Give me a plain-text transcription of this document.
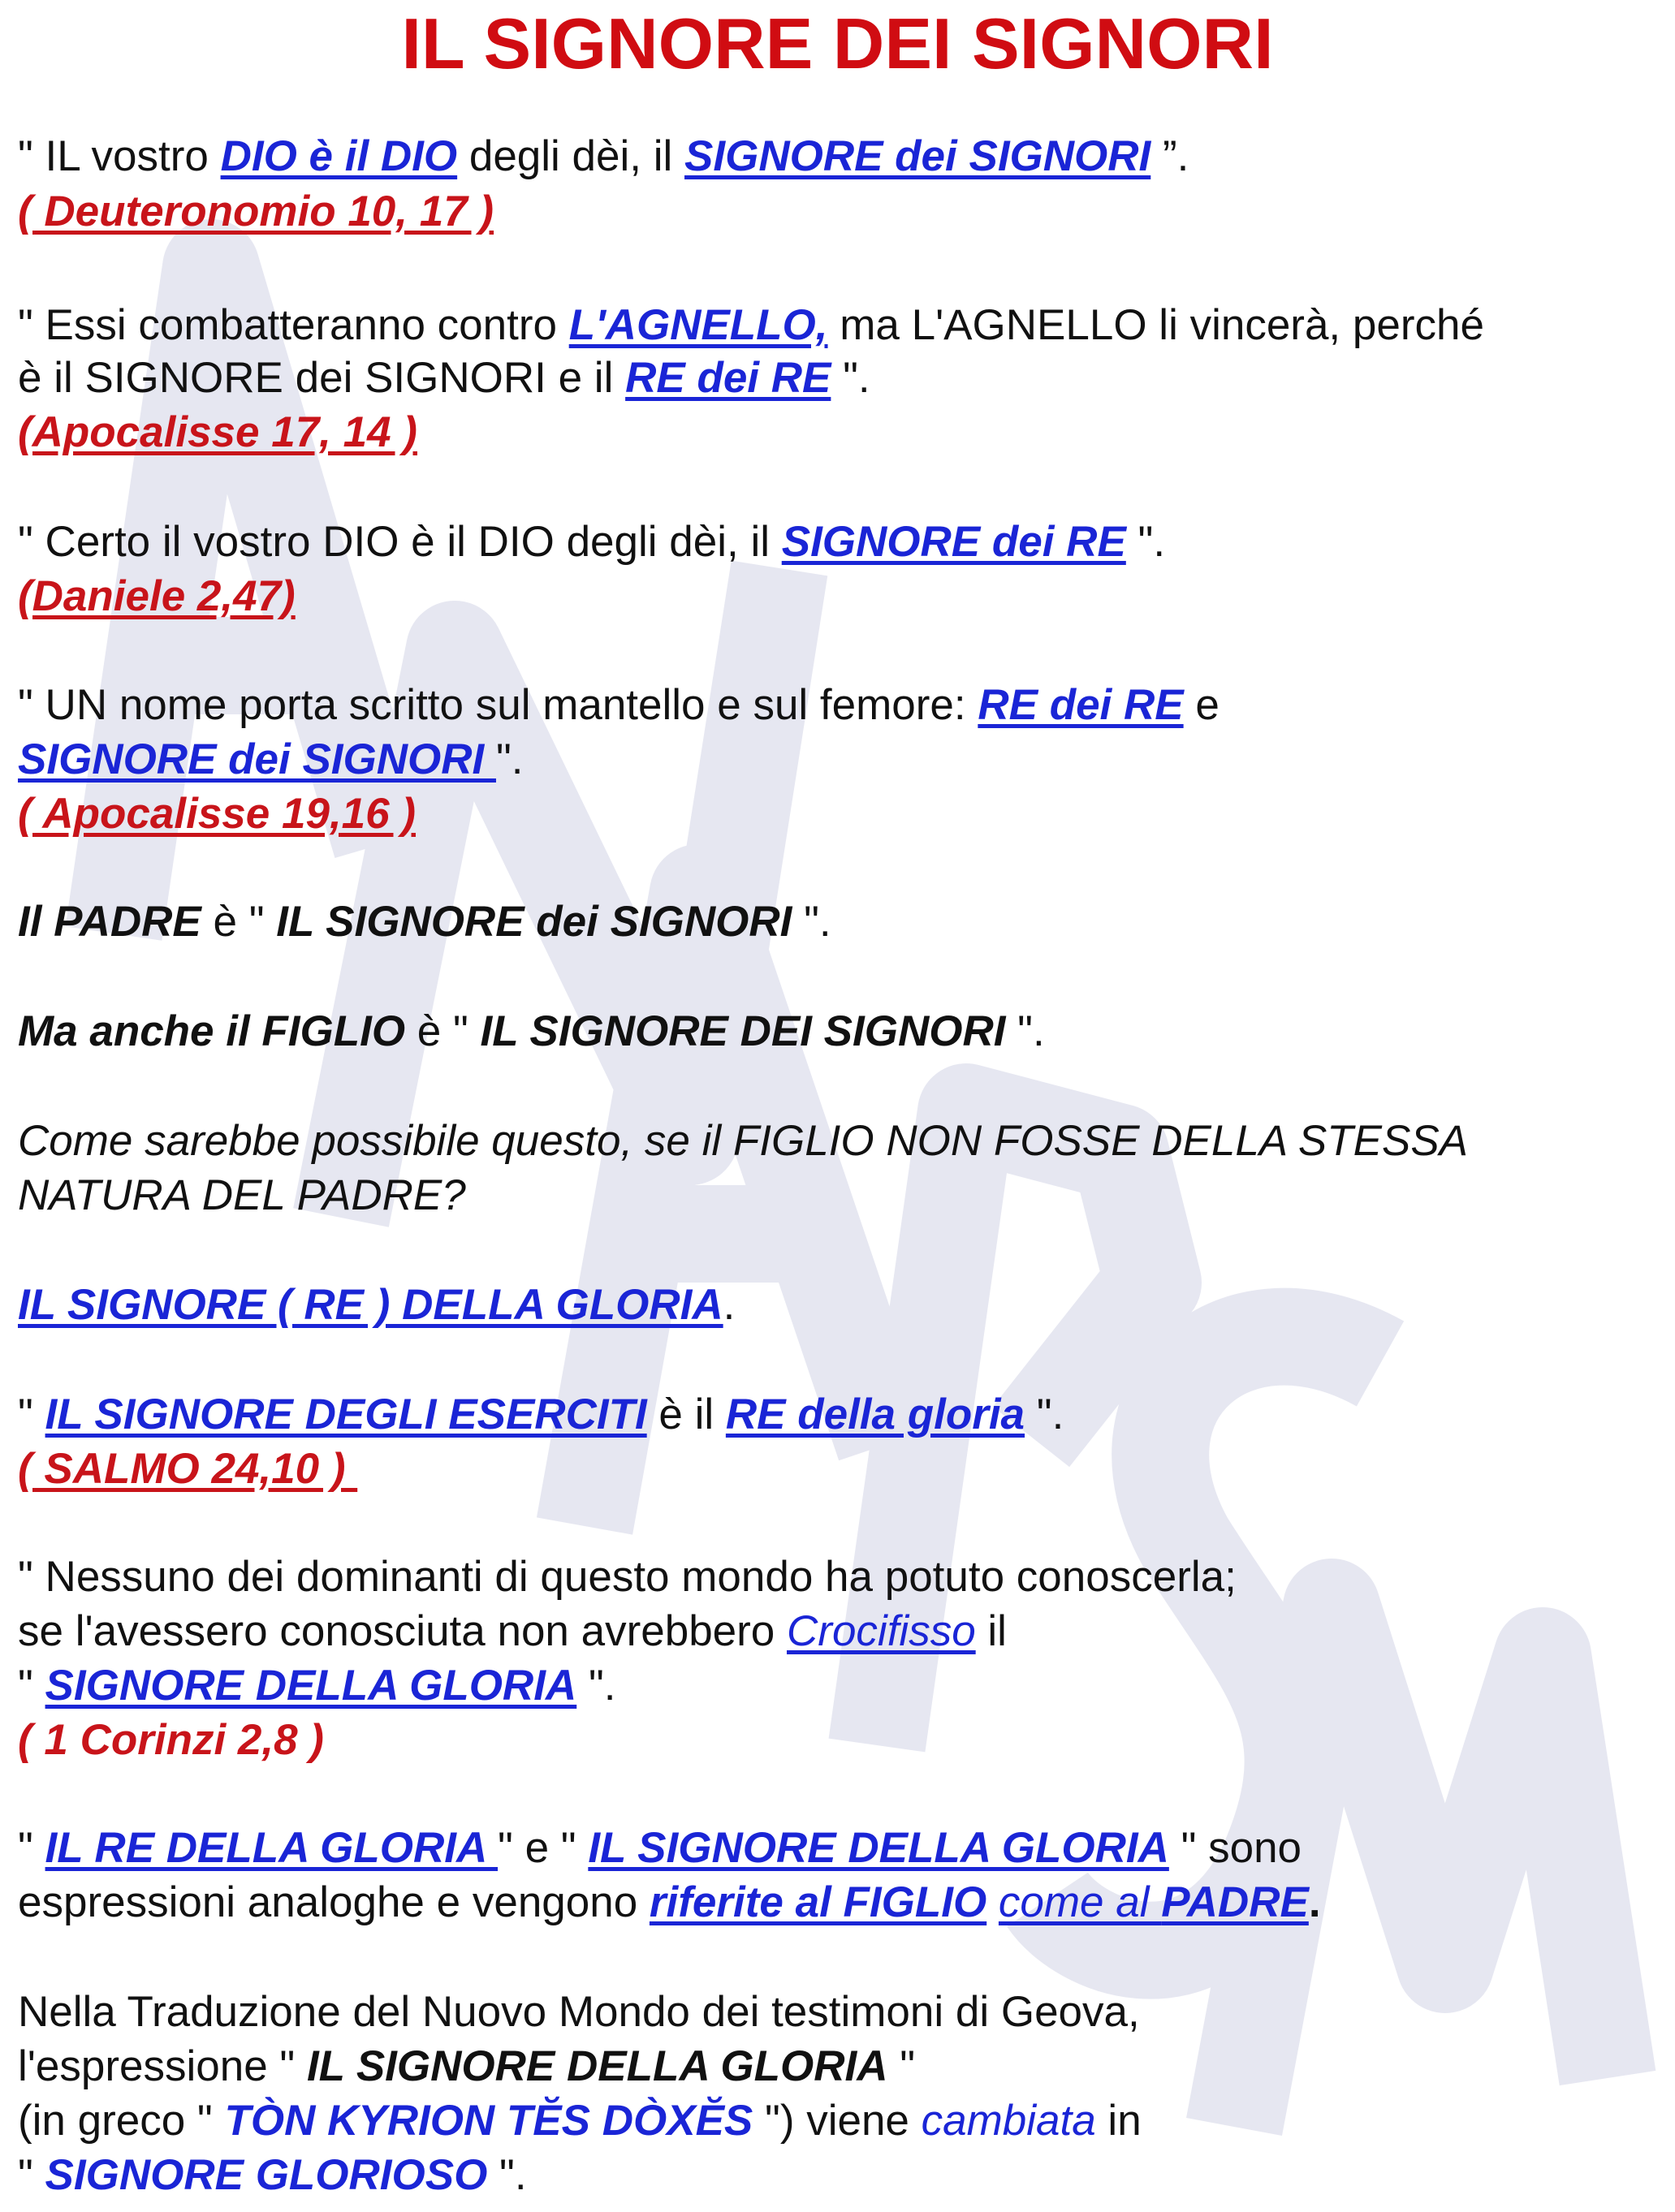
IL SIGNORE DEI SIGNORI
" IL vostro DIO è il DIO degli dèi, il SIGNORE dei SIGNORI ”.
( Deuteronomio 10, 17 )
" Essi combatteranno contro L'AGNELLO, ma L'AGNELLO li vincerà, perché
è il SIGNORE dei SIGNORI e il RE dei RE ".
(Apocalisse 17, 14 )
" Certo il vostro DIO è il DIO degli dèi, il SIGNORE dei RE ".
(Daniele 2,47)
" UN nome porta scritto sul mantello e sul femore: RE dei RE e
SIGNORE dei SIGNORI ".
( Apocalisse 19,16 )
Il PADRE è " IL SIGNORE dei SIGNORI ".
Ma anche il FIGLIO è " IL SIGNORE DEI SIGNORI ".
Come sarebbe possibile questo, se il FIGLIO NON FOSSE DELLA STESSA
NATURA DEL PADRE?
IL SIGNORE ( RE ) DELLA GLORIA.
" IL SIGNORE DEGLI ESERCITI è il RE della gloria ".
( SALMO 24,10 )
" Nessuno dei dominanti di questo mondo ha potuto conoscerla;
se l'avessero conosciuta non avrebbero Crocifisso il
" SIGNORE DELLA GLORIA ".
( 1 Corinzi 2,8 )
" IL RE DELLA GLORIA " e " IL SIGNORE DELLA GLORIA " sono
espressioni analoghe e vengono riferite al FIGLIO come al PADRE.
Nella Traduzione del Nuovo Mondo dei testimoni di Geova,
l'espressione " IL SIGNORE DELLA GLORIA "
(in greco " TÒN KYRION TĔS DÒXĔS ") viene cambiata in
" SIGNORE GLORIOSO ".
